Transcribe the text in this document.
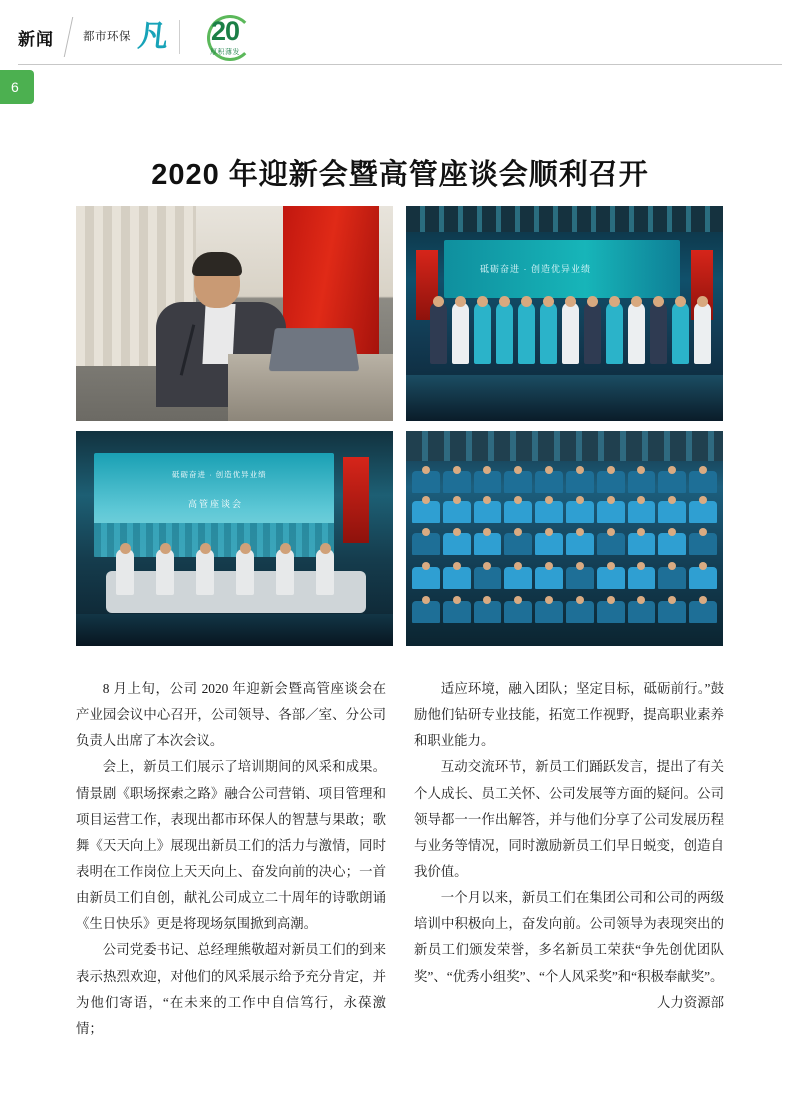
新闻	都市环保 凡 20
厚积薄发
6
2020 年迎新会暨高管座谈会顺利召开
砥砺奋进 · 创造优异业绩
砥砺奋进 · 创造优异业绩
高管座谈会

8 月上旬，公司 2020 年迎新会暨高管座谈会在产业园会议中心召开，公司领导、各部／室、分公司负责人出席了本次会议。

会上，新员工们展示了培训期间的风采和成果。情景剧《职场探索之路》融合公司营销、项目管理和项目运营工作，表现出都市环保人的智慧与果敢；歌舞《天天向上》展现出新员工们的活力与激情，同时表明在工作岗位上天天向上、奋发向前的决心；一首由新员工们自创，献礼公司成立二十周年的诗歌朗诵《生日快乐》更是将现场氛围掀到高潮。

公司党委书记、总经理熊敬超对新员工们的到来表示热烈欢迎，对他们的风采展示给予充分肯定，并为他们寄语，“在未来的工作中自信笃行，永葆激情；

适应环境，融入团队；坚定目标，砥砺前行。”鼓励他们钻研专业技能，拓宽工作视野，提高职业素养和职业能力。

互动交流环节，新员工们踊跃发言，提出了有关个人成长、员工关怀、公司发展等方面的疑问。公司领导都一一作出解答，并与他们分享了公司发展历程与业务等情况，同时激励新员工们早日蜕变，创造自我价值。

一个月以来，新员工们在集团公司和公司的两级培训中积极向上，奋发向前。公司领导为表现突出的新员工们颁发荣誉，多名新员工荣获“争先创优团队奖”、“优秀小组奖”、“个人风采奖”和“积极奉献奖”。

人力资源部
